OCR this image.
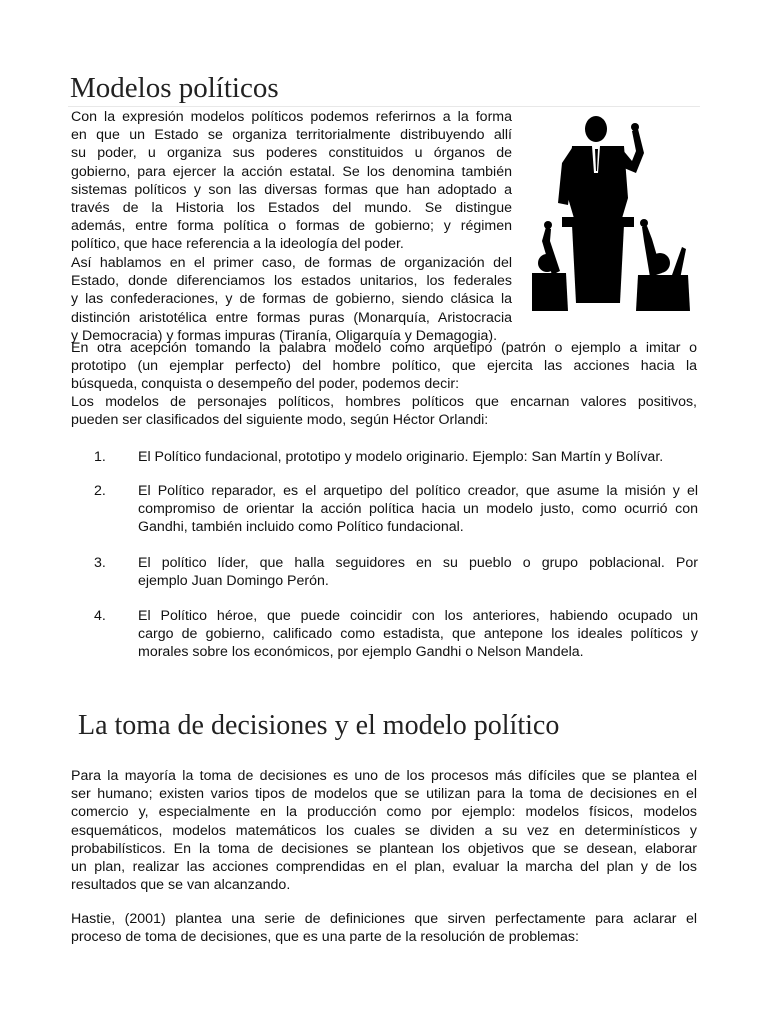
Modelos políticos
Con la expresión modelos políticos podemos referirnos a la forma
en que un Estado se organiza territorialmente distribuyendo allí
su poder, u organiza sus poderes constituidos u órganos de
gobierno, para ejercer la acción estatal. Se los denomina también
sistemas políticos y son las diversas formas que han adoptado a
través de la Historia los Estados del mundo. Se distingue
además, entre forma política o formas de gobierno; y régimen
político, que hace referencia a la ideología del poder.
Así hablamos en el primer caso, de formas de organización del
Estado, donde diferenciamos los estados unitarios, los federales
y las confederaciones, y de formas de gobierno, siendo clásica la
distinción aristotélica entre formas puras (Monarquía, Aristocracia
y Democracia) y formas impuras (Tiranía, Oligarquía y Demagogia).
En otra acepción tomando la palabra modelo como arquetipo (patrón o ejemplo a imitar o
prototipo (un ejemplar perfecto) del hombre político, que ejercita las acciones hacia la
búsqueda, conquista o desempeño del poder, podemos decir:
Los modelos de personajes políticos, hombres políticos que encarnan valores positivos,
pueden ser clasificados del siguiente modo, según Héctor Orlandi:
1.	El Político fundacional, prototipo y modelo originario. Ejemplo: San Martín y Bolívar.
2.	El Político reparador, es el arquetipo del político creador, que asume la misión y el
compromiso de orientar la acción política hacia un modelo justo, como ocurrió con
Gandhi, también incluido como Político fundacional.
3.	El político líder, que halla seguidores en su pueblo o grupo poblacional. Por
ejemplo Juan Domingo Perón.
4.	El Político héroe, que puede coincidir con los anteriores, habiendo ocupado un
cargo de gobierno, calificado como estadista, que antepone los ideales políticos y
morales sobre los económicos, por ejemplo Gandhi o Nelson Mandela.
La toma de decisiones y el modelo político
Para la mayoría la toma de decisiones es uno de los procesos más difíciles que se plantea el
ser humano; existen varios tipos de modelos que se utilizan para la toma de decisiones en el
comercio y, especialmente en la producción como por ejemplo: modelos físicos, modelos
esquemáticos, modelos matemáticos los cuales se dividen a su vez en determinísticos y
probabilísticos. En la toma de decisiones se plantean los objetivos que se desean, elaborar
un plan, realizar las acciones comprendidas en el plan, evaluar la marcha del plan y de los
resultados que se van alcanzando.
Hastie, (2001) plantea una serie de definiciones que sirven perfectamente para aclarar el
proceso de toma de decisiones, que es una parte de la resolución de problemas:
